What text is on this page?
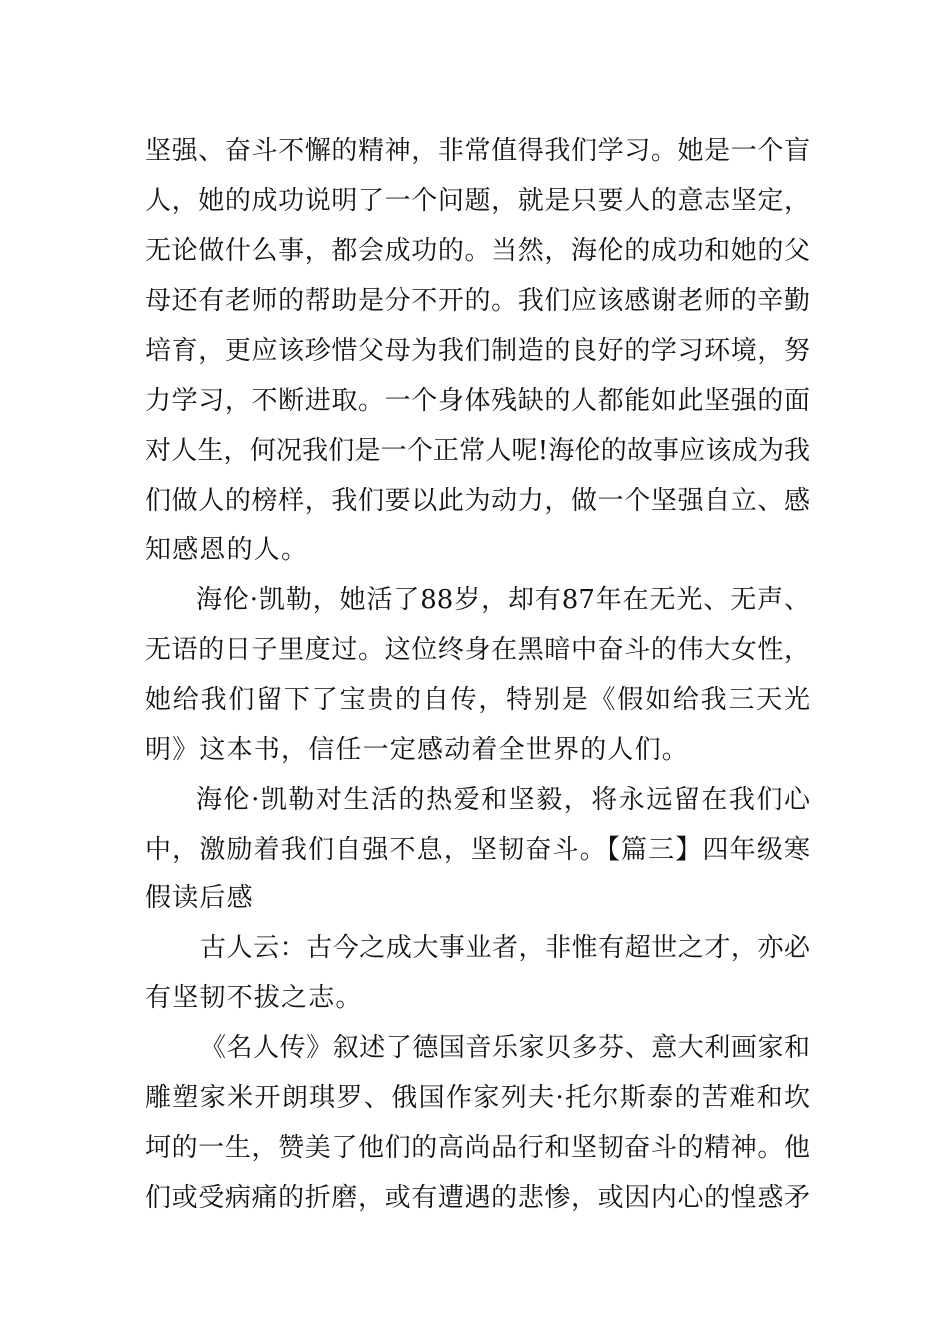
坚强、奋斗不懈的精神，非常值得我们学习。她是一个盲
人，她的成功说明了一个问题，就是只要人的意志坚定，
无论做什么事，都会成功的。当然，海伦的成功和她的父
母还有老师的帮助是分不开的。我们应该感谢老师的辛勤
培育，更应该珍惜父母为我们制造的良好的学习环境，努
力学习，不断进取。一个身体残缺的人都能如此坚强的面
对人生，何况我们是一个正常人呢!海伦的故事应该成为我
们做人的榜样，我们要以此为动力，做一个坚强自立、感
知感恩的人。
海伦·凯勒，她活了88岁，却有87年在无光、无声、
无语的日子里度过。这位终身在黑暗中奋斗的伟大女性，
她给我们留下了宝贵的自传，特别是《假如给我三天光
明》这本书，信任一定感动着全世界的人们。
海伦·凯勒对生活的热爱和坚毅，将永远留在我们心
中，激励着我们自强不息，坚韧奋斗。【篇三】四年级寒
假读后感
古人云：古今之成大事业者，非惟有超世之才，亦必
有坚韧不拔之志。
《名人传》叙述了德国音乐家贝多芬、意大利画家和
雕塑家米开朗琪罗、俄国作家列夫·托尔斯泰的苦难和坎
坷的一生，赞美了他们的高尚品行和坚韧奋斗的精神。他
们或受病痛的折磨，或有遭遇的悲惨，或因内心的惶惑矛
